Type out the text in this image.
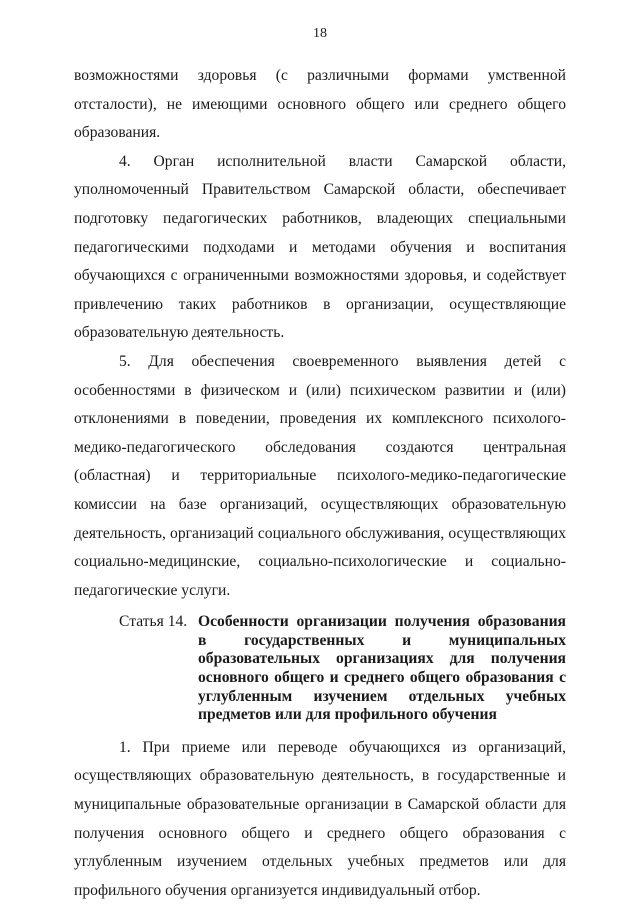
18

возможностями здоровья (с различными формами умственной отсталости), не имеющими основного общего или среднего общего образования.

4. Орган исполнительной власти Самарской области, уполномоченный Правительством Самарской области, обеспечивает подготовку педагогических работников, владеющих специальными педагогическими подходами и методами обучения и воспитания обучающихся с ограниченными возможностями здоровья, и содействует привлечению таких работников в организации, осуществляющие образовательную деятельность.

5. Для обеспечения своевременного выявления детей с особенностями в физическом и (или) психическом развитии и (или) отклонениями в поведении, проведения их комплексного психолого-медико-педагогического обследования создаются центральная (областная) и территориальные психолого-медико-педагогические комиссии на базе организаций, осуществляющих образовательную деятельность, организаций социального обслуживания, осуществляющих социально-медицинские, социально-психологические и социально-педагогические услуги.

Статья 14. Особенности организации получения образования в государственных и муниципальных образовательных организациях для получения основного общего и среднего общего образования с углубленным изучением отдельных учебных предметов или для профильного обучения

1. При приеме или переводе обучающихся из организаций, осуществляющих образовательную деятельность, в государственные и муниципальные образовательные организации в Самарской области для получения основного общего и среднего общего образования с углубленным изучением отдельных учебных предметов или для профильного обучения организуется индивидуальный отбор.
